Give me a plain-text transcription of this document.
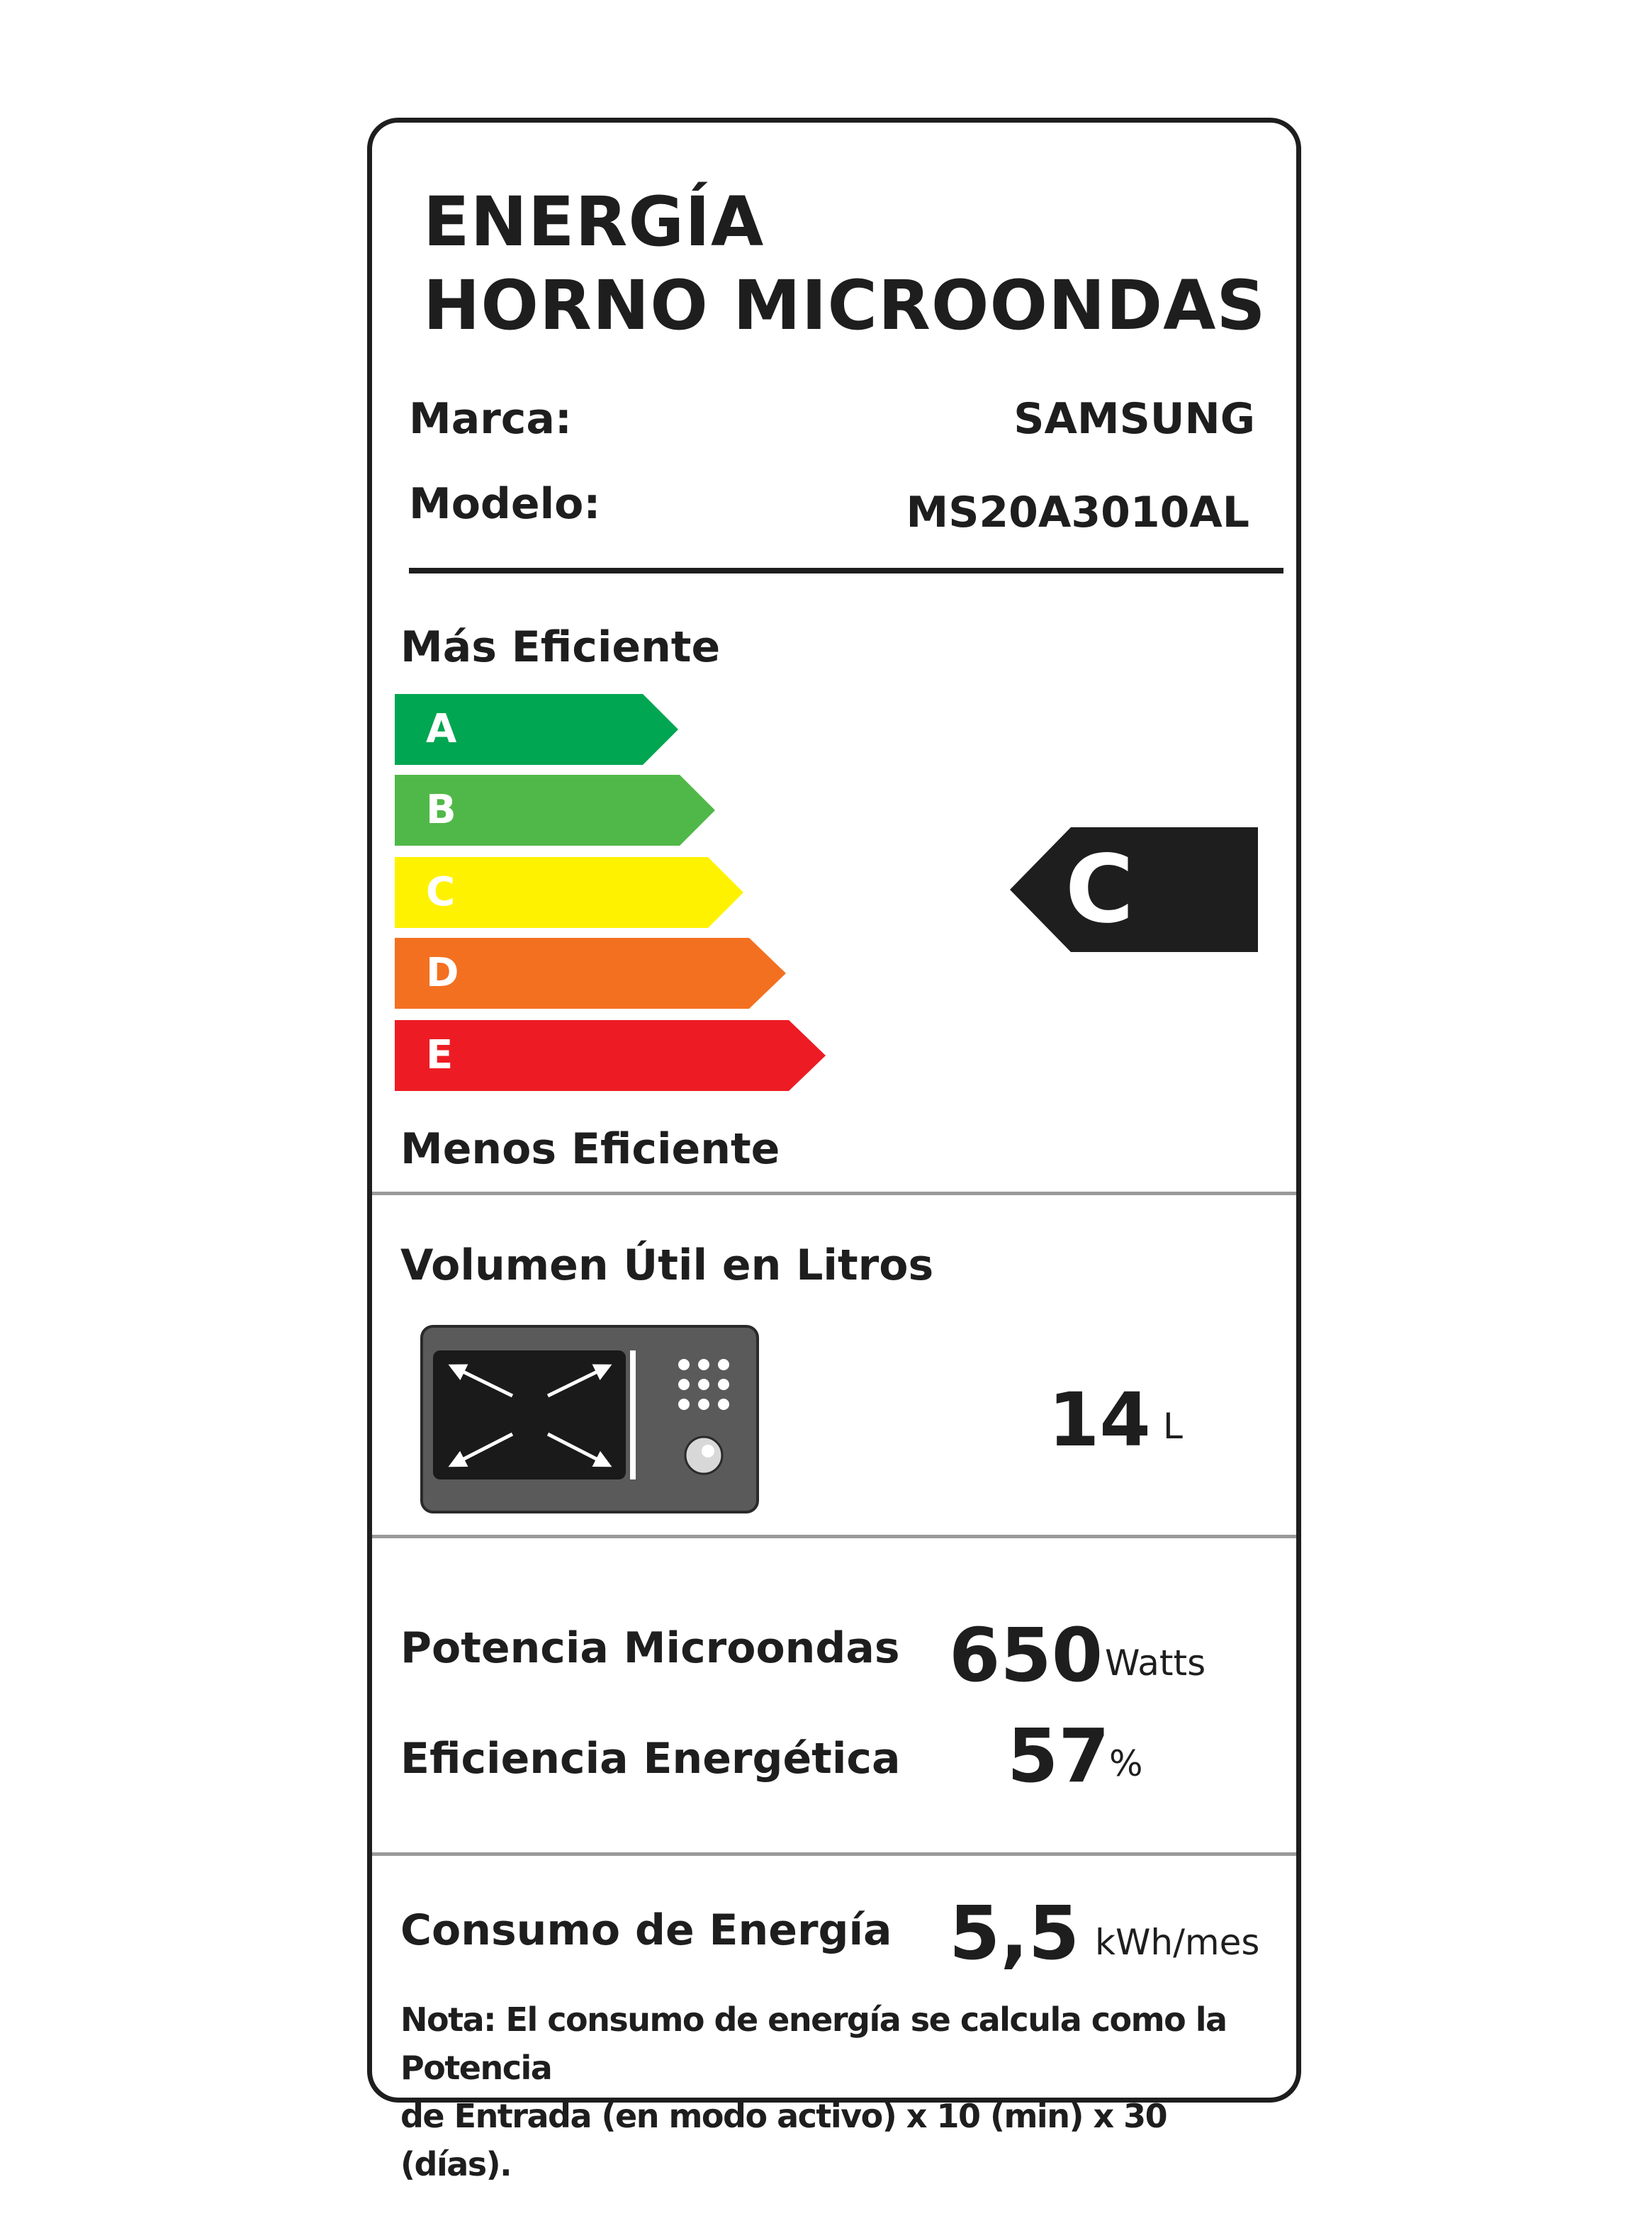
ENERGÍA
HORNO MICROONDAS
Marca:	SAMSUNG
Modelo:	MS20A3010AL
Más Eficiente
A
B
C
D
E
C
Menos Eficiente
Volumen Útil en Litros
14 L
Potencia Microondas 650 Watts
Eficiencia Energética 57 %
Consumo de Energía 5,5 kWh/mes
Nota: El consumo de energía se calcula como la Potencia
de Entrada (en modo activo) x 10 (min) x 30 (días).
